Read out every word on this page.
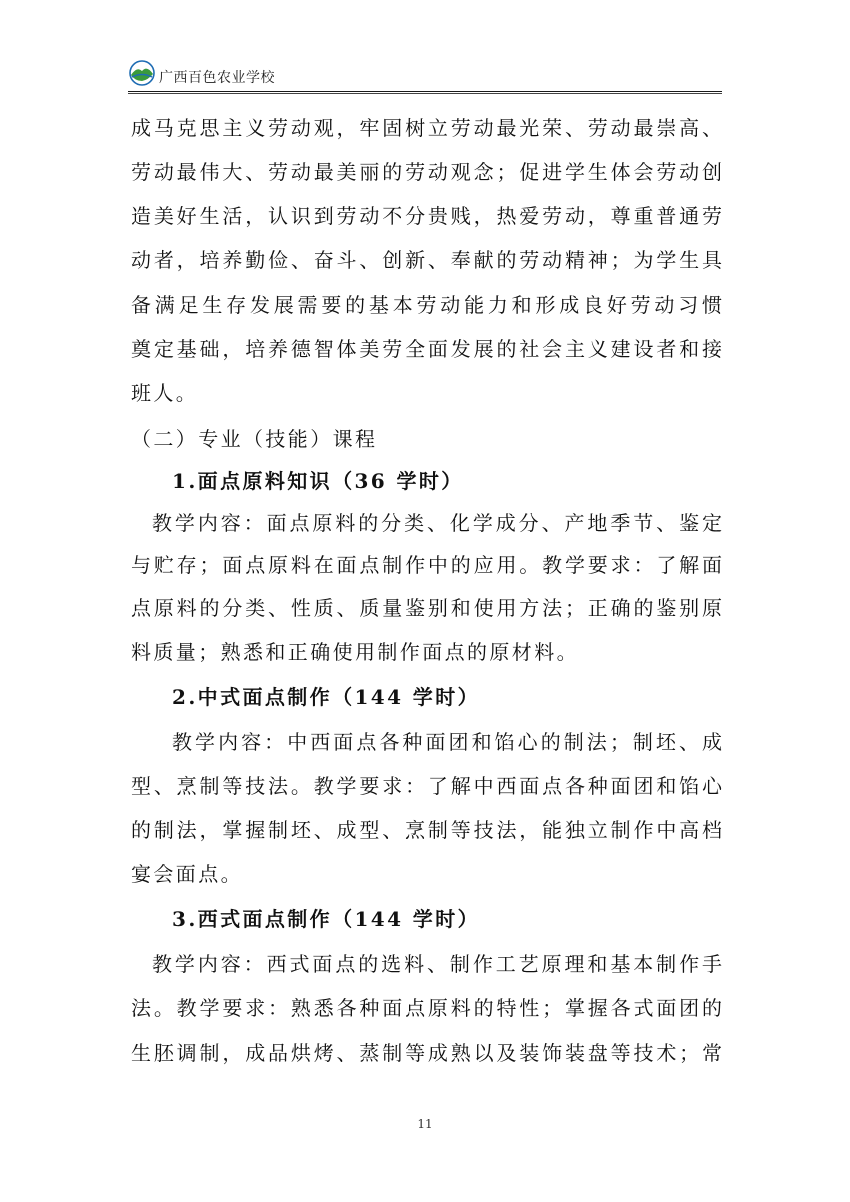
广西百色农业学校
成马克思主义劳动观，牢固树立劳动最光荣、劳动最崇高、
劳动最伟大、劳动最美丽的劳动观念；促进学生体会劳动创
造美好生活，认识到劳动不分贵贱，热爱劳动，尊重普通劳
动者，培养勤俭、奋斗、创新、奉献的劳动精神；为学生具
备满足生存发展需要的基本劳动能力和形成良好劳动习惯
奠定基础，培养德智体美劳全面发展的社会主义建设者和接
班人。
（二）专业（技能）课程
1.面点原料知识（36 学时）
教学内容：面点原料的分类、化学成分、产地季节、鉴定
与贮存；面点原料在面点制作中的应用。教学要求：了解面
点原料的分类、性质、质量鉴别和使用方法；正确的鉴别原
料质量；熟悉和正确使用制作面点的原材料。
2.中式面点制作（144 学时）
教学内容：中西面点各种面团和馅心的制法；制坯、成
型、烹制等技法。教学要求：了解中西面点各种面团和馅心
的制法，掌握制坯、成型、烹制等技法，能独立制作中高档
宴会面点。
3.西式面点制作（144 学时）
教学内容：西式面点的选料、制作工艺原理和基本制作手
法。教学要求：熟悉各种面点原料的特性；掌握各式面团的
生胚调制，成品烘烤、蒸制等成熟以及装饰装盘等技术；常
11
